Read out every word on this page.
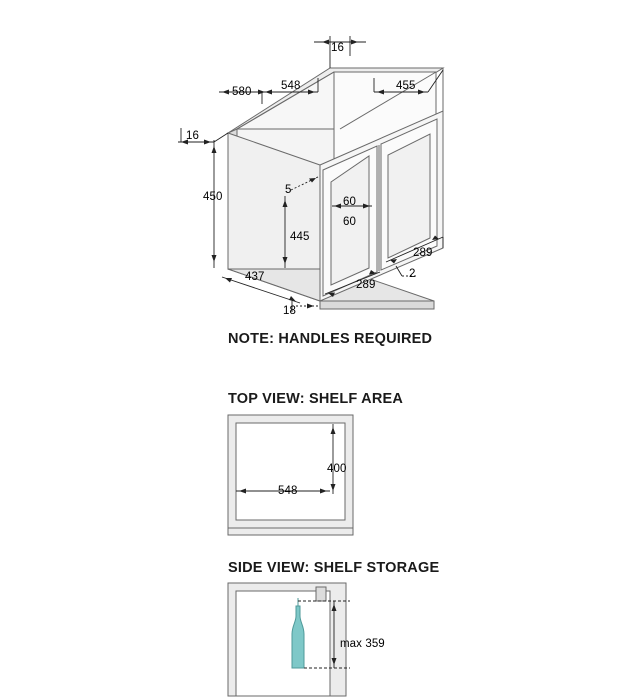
NOTE: HANDLES REQUIRED
TOP VIEW: SHELF AREA
SIDE VIEW: SHELF STORAGE
16
580	548	455
16
450
5
60
60
445
289
437
289
2
18
400
548
max 359
